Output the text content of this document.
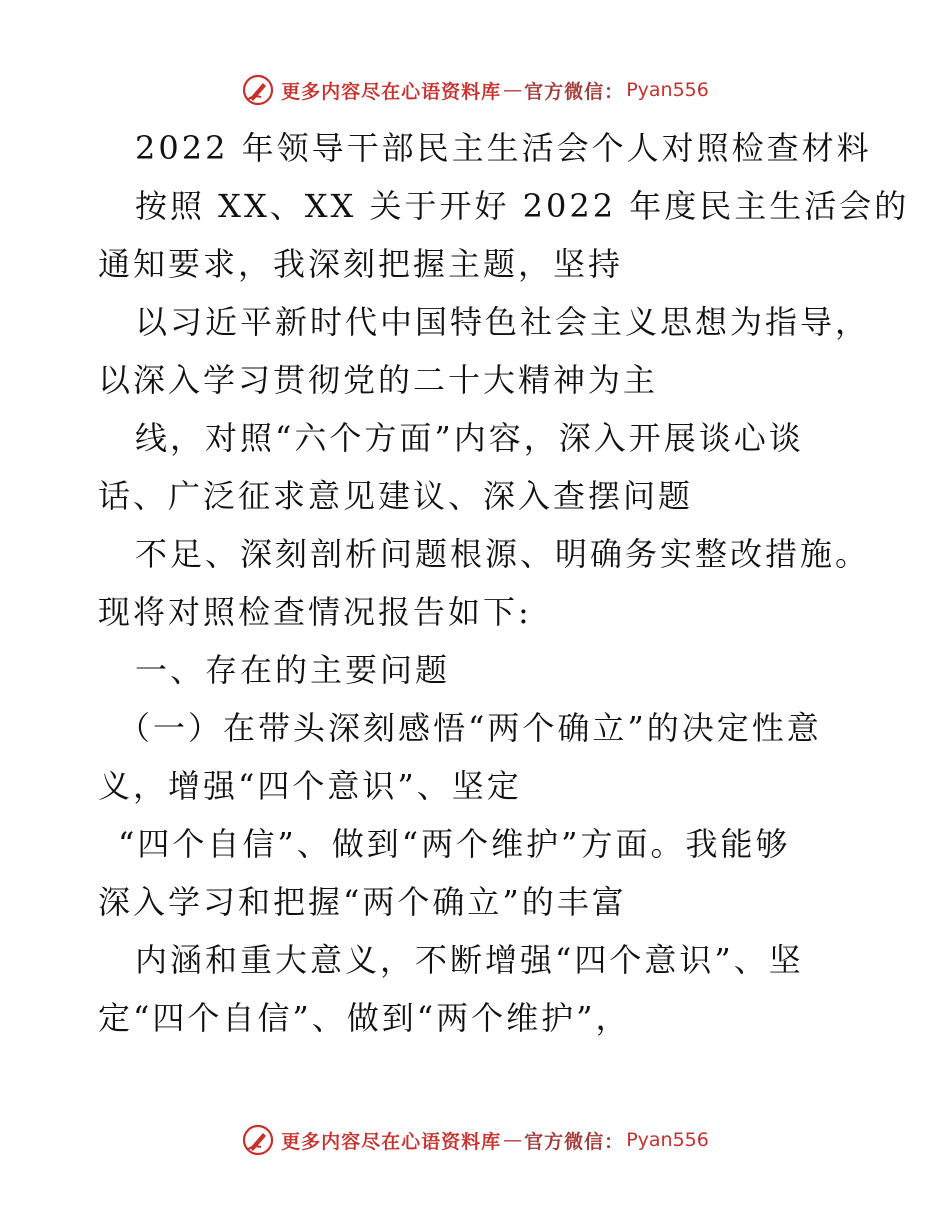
更多内容尽在心语资料库 — 官方微信： Pyan556
2022 年领导干部民主生活会个人对照检查材料
按照 XX、XX 关于开好 2022 年度民主生活会的
通知要求，我深刻把握主题，坚持
以习近平新时代中国特色社会主义思想为指导，
以深入学习贯彻党的二十大精神为主
线，对照“六个方面”内容，深入开展谈心谈
话、广泛征求意见建议、深入查摆问题
不足、深刻剖析问题根源、明确务实整改措施。
现将对照检查情况报告如下:
一、存在的主要问题
（一）在带头深刻感悟“两个确立”的决定性意
义，增强“四个意识”、坚定
“四个自信”、做到“两个维护”方面。我能够
深入学习和把握“两个确立”的丰富
内涵和重大意义，不断增强“四个意识”、坚
定“四个自信”、做到“两个维护”，
更多内容尽在心语资料库 — 官方微信： Pyan556
